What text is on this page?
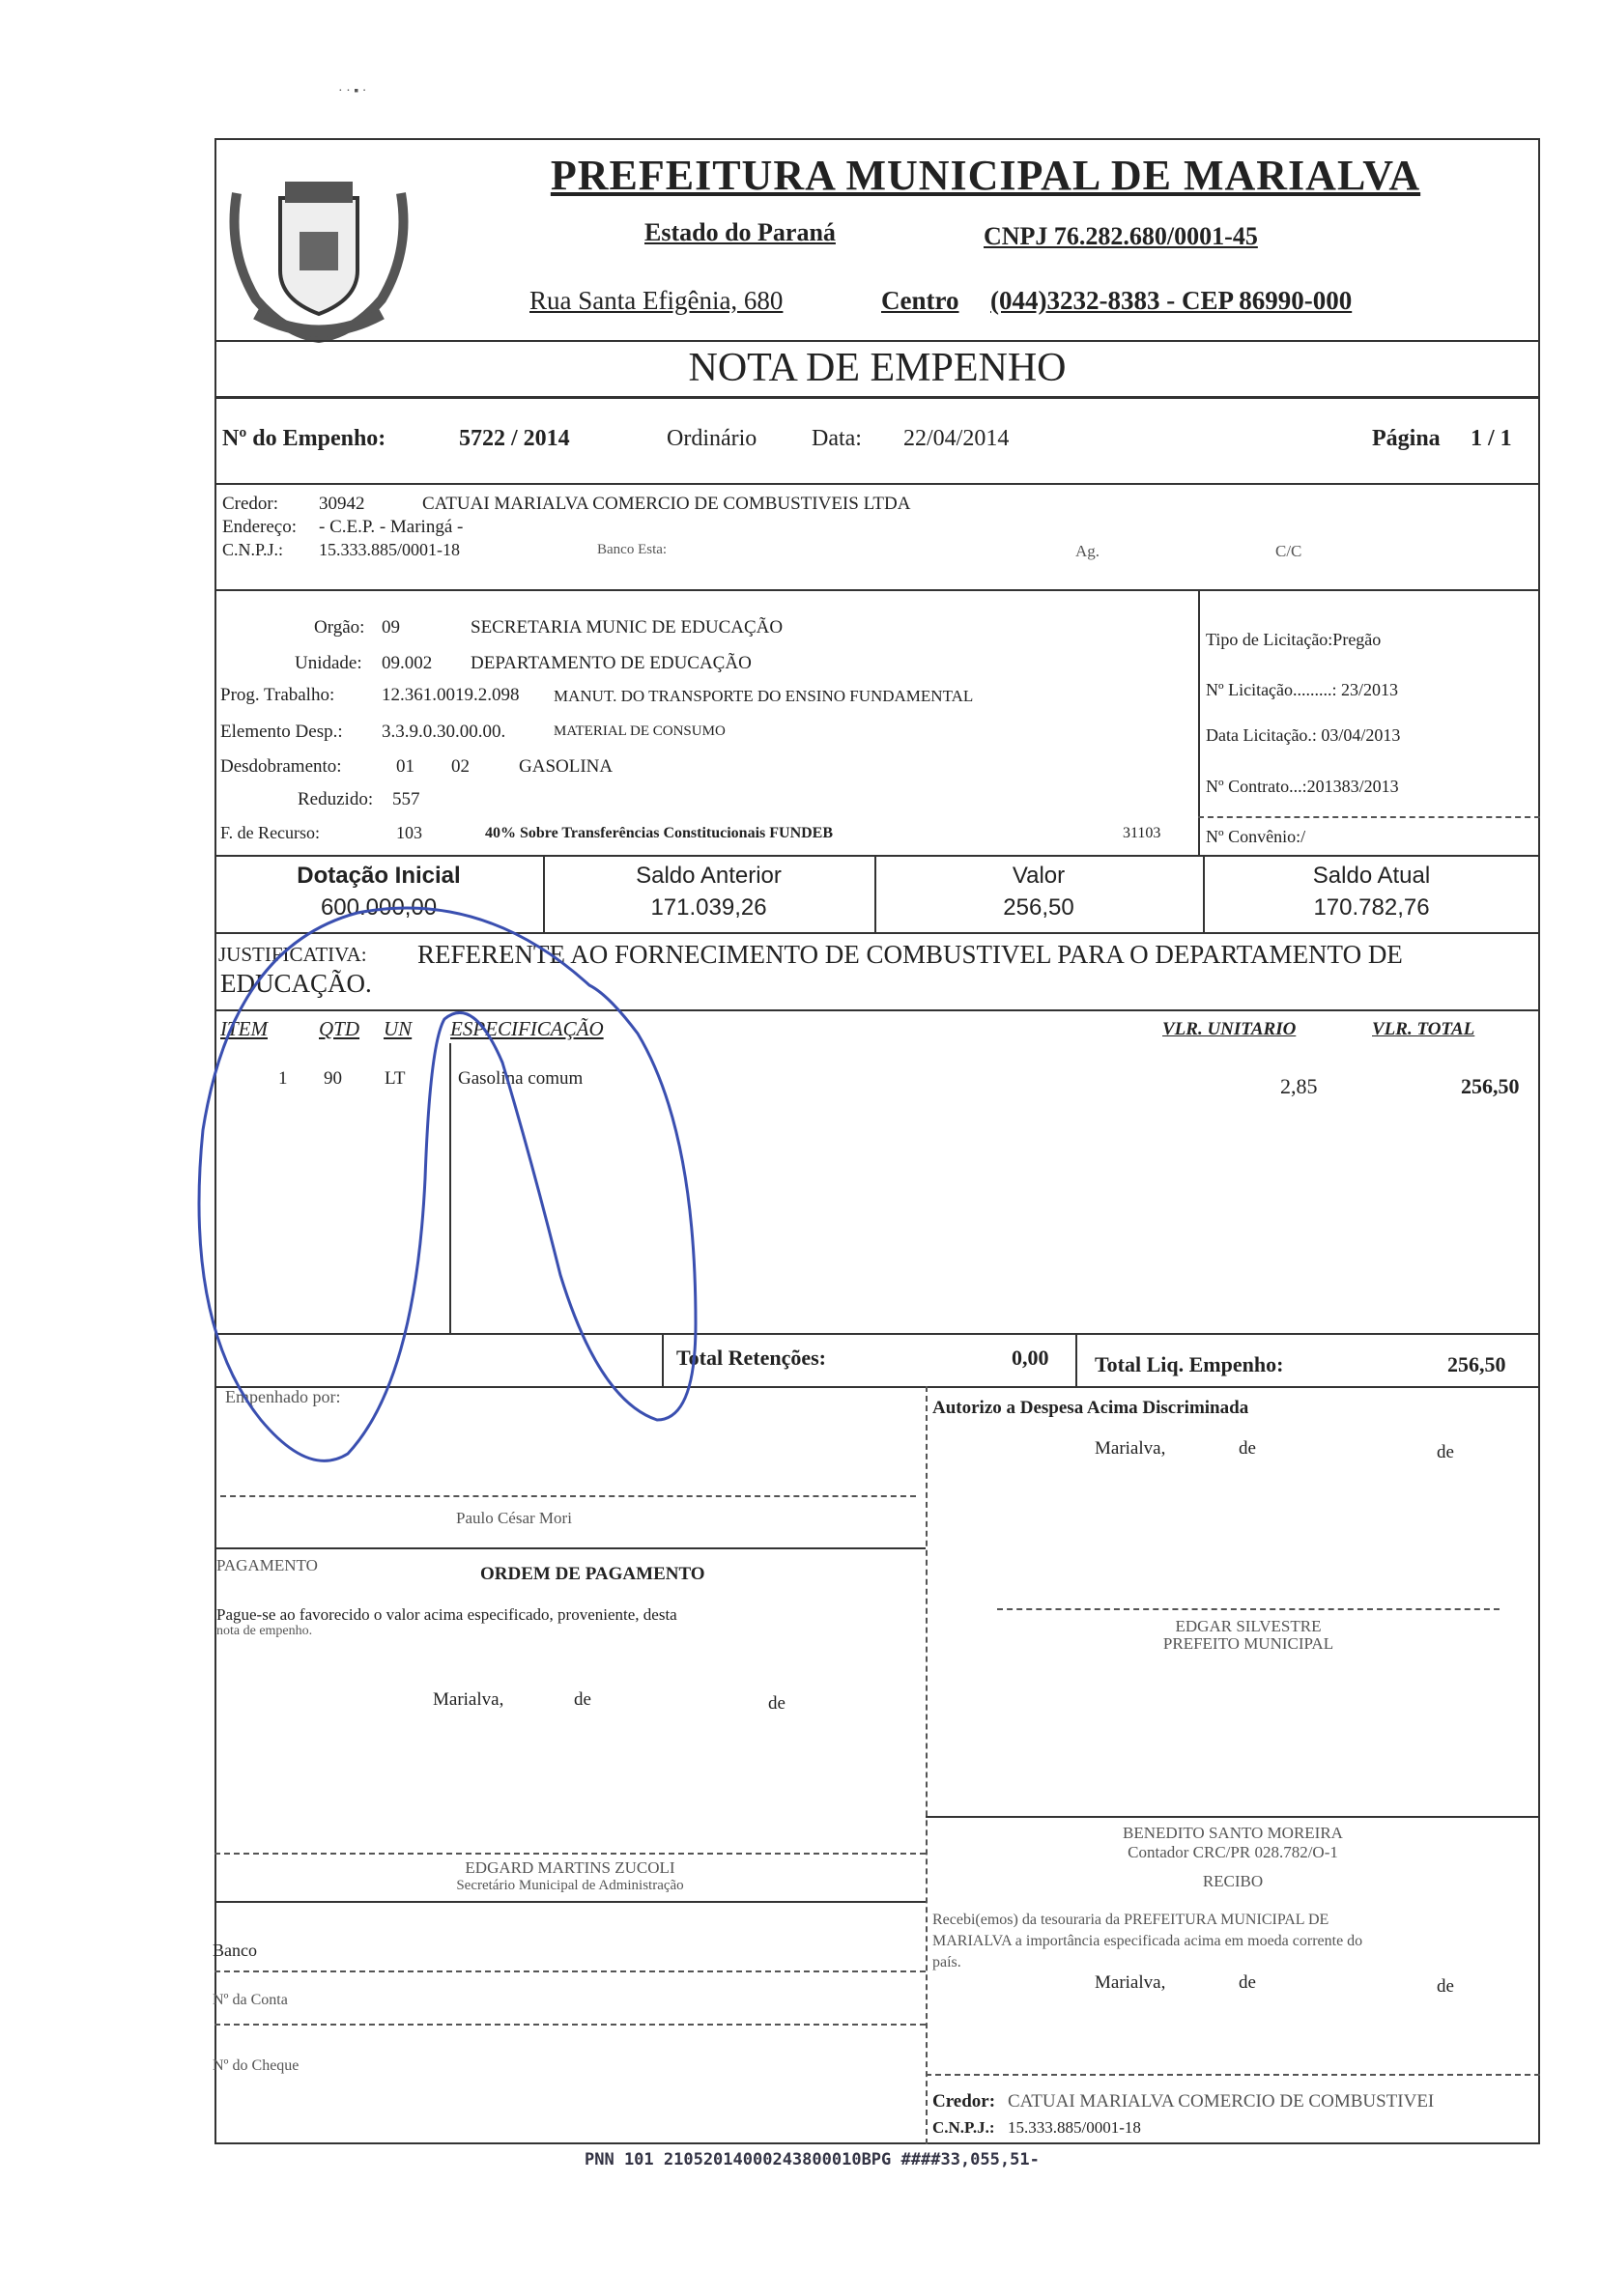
· · ▪ ·
PREFEITURA MUNICIPAL DE MARIALVA
Estado do Paraná	CNPJ 76.282.680/0001-45
Rua Santa Efigênia, 680	Centro (044)3232-8383 - CEP 86990-000
NOTA DE EMPENHO
Nº do Empenho:	5722 / 2014	Ordinário Data: 22/04/2014	Página 1 / 1
Credor: 30942	CATUAI MARIALVA COMERCIO DE COMBUSTIVEIS LTDA
Endereço: - C.E.P. - Maringá -
C.N.P.J.: 15.333.885/0001-18	Banco Esta:	Ag.	C/C
Orgão: 09	SECRETARIA MUNIC DE EDUCAÇÃO
Unidade: 09.002 DEPARTAMENTO DE EDUCAÇÃO
Prog. Trabalho:	12.361.0019.2.098 MANUT. DO TRANSPORTE DO ENSINO FUNDAMENTAL
Elemento Desp.: 3.3.9.0.30.00.00.	MATERIAL DE CONSUMO
Desdobramento:	01 02	GASOLINA
Reduzido: 557
F. de Recurso:	103	40% Sobre Transferências Constitucionais FUNDEB	31103
Tipo de Licitação:Pregão
Nº Licitação.........: 23/2013
Data Licitação.: 03/04/2013
Nº Contrato...:201383/2013
Nº Convênio:/
Dotação Inicial
600.000,00
Saldo Anterior
171.039,26
Valor
256,50
Saldo Atual
170.782,76
JUSTIFICATIVA: REFERENTE AO FORNECIMENTO DE COMBUSTIVEL PARA O DEPARTAMENTO DE
EDUCAÇÃO.
ITEM	QTD UN ESPECIFICAÇÃO	VLR. UNITARIO	VLR. TOTAL
1 90 LT	Gasolina comum	2,85	256,50
Total Retenções:	0,00 Total Liq. Empenho:	256,50
Empenhado por:
Autorizo a Despesa Acima Discriminada
Marialva,	de	de
Paulo César Mori
EDGAR SILVESTRE
PREFEITO MUNICIPAL
PAGAMENTO	ORDEM DE PAGAMENTO
Pague-se ao favorecido o valor acima especificado, proveniente, desta
nota de empenho.
Marialva,	de	de
BENEDITO SANTO MOREIRA
Contador CRC/PR 028.782/O-1
EDGARD MARTINS ZUCOLI
Secretário Municipal de Administração	RECIBO
Recebi(emos) da tesouraria da PREFEITURA MUNICIPAL DE
MARIALVA a importância especificada acima em moeda corrente do
país.
Marialva,	de	de
Banco
Nº da Conta
Nº do Cheque
Credor: CATUAI MARIALVA COMERCIO DE COMBUSTIVEI
C.N.P.J.: 15.333.885/0001-18
PNN 101 21052014000243800010BPG ####33,055,51-
